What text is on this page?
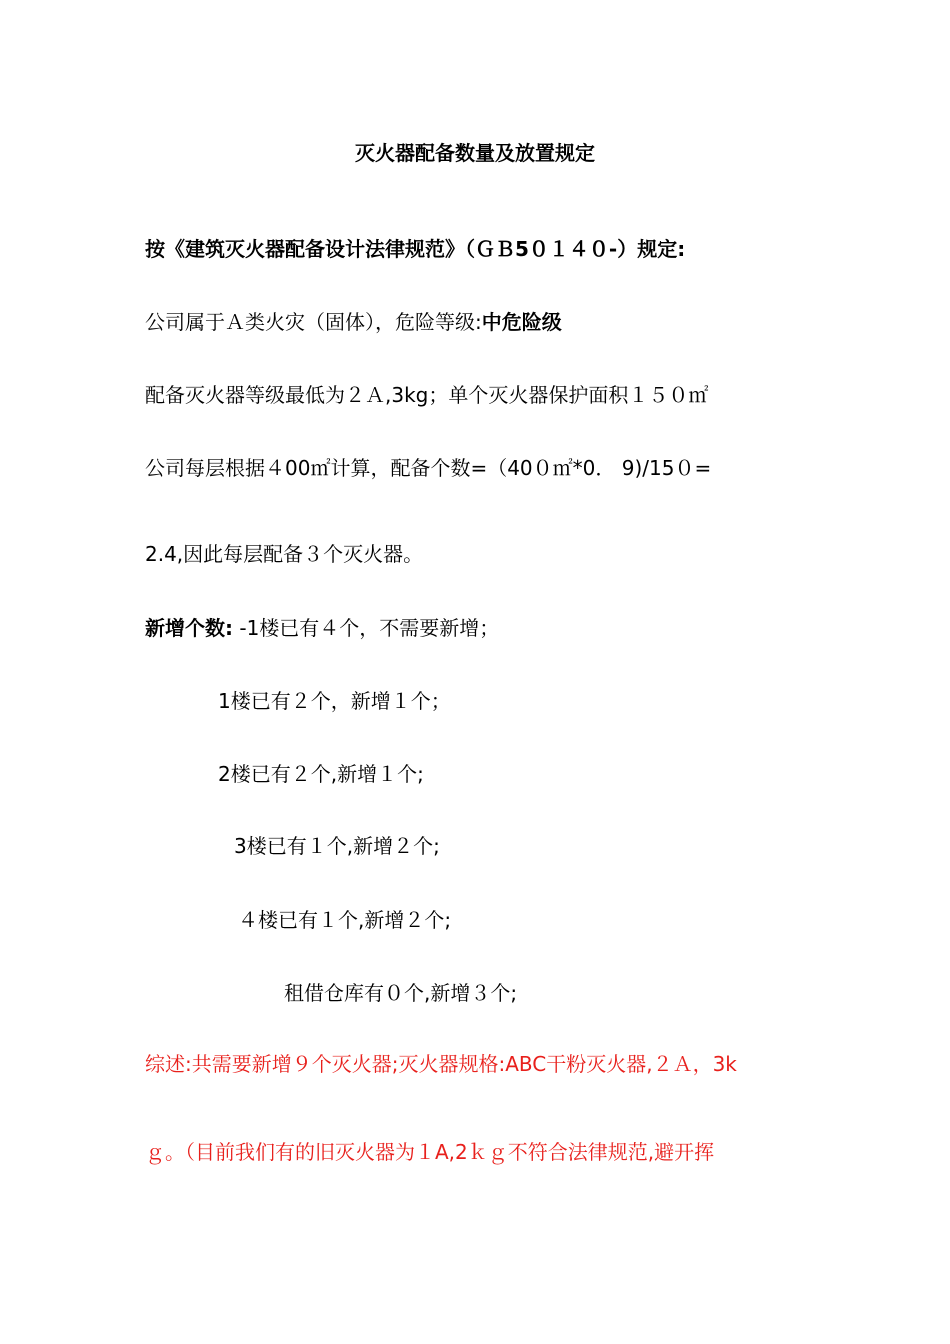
灭火器配备数量及放置规定
按《建筑灭火器配备设计法律规范》（ＧＢ5０１４０-）规定:
公司属于Ａ类火灾（固体），危险等级:中危险级
配备灭火器等级最低为２Ａ,3kg；单个灭火器保护面积１５０㎡
公司每层根据４00㎡计算，配备个数=（40０㎡*0． 9)/15０=
2.4,因此每层配备３个灭火器。
新增个数: -1楼已有４个，不需要新增；
1楼已有２个，新增１个；
2楼已有２个,新增１个;
3楼已有１个,新增２个;
４楼已有１个,新增２个;
租借仓库有０个,新增３个;
综述:共需要新增９个灭火器;灭火器规格:ABC干粉灭火器,２Ａ，3k
ｇ。（目前我们有的旧灭火器为１A,2ｋｇ不符合法律规范,避开挥
